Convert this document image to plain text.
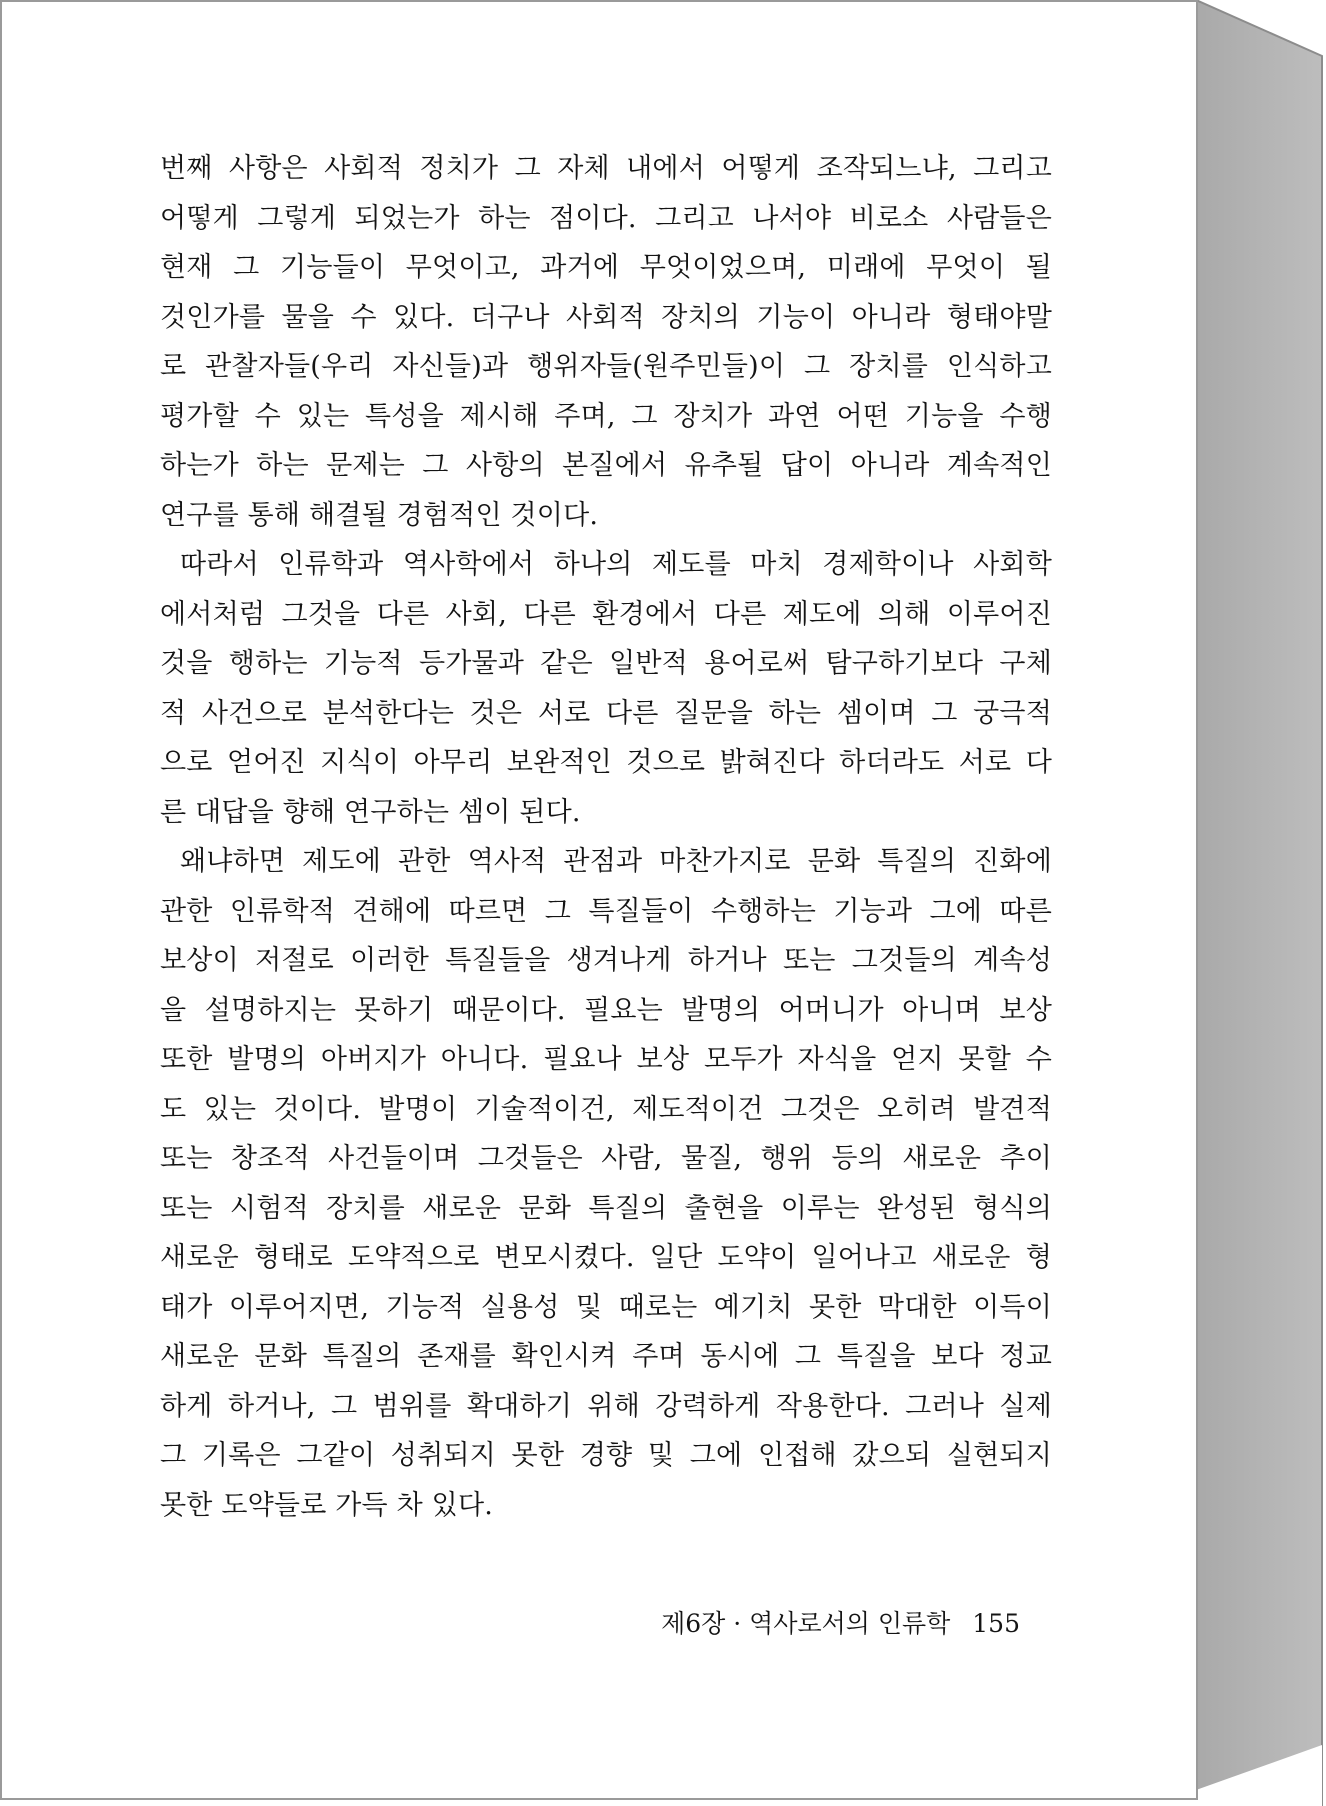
번째 사항은 사회적 정치가 그 자체 내에서 어떻게 조작되느냐, 그리고
어떻게 그렇게 되었는가 하는 점이다. 그리고 나서야 비로소 사람들은
현재 그 기능들이 무엇이고, 과거에 무엇이었으며, 미래에 무엇이 될
것인가를 물을 수 있다. 더구나 사회적 장치의 기능이 아니라 형태야말
로 관찰자들(우리 자신들)과 행위자들(원주민들)이 그 장치를 인식하고
평가할 수 있는 특성을 제시해 주며, 그 장치가 과연 어떤 기능을 수행
하는가 하는 문제는 그 사항의 본질에서 유추될 답이 아니라 계속적인
연구를 통해 해결될 경험적인 것이다.
따라서 인류학과 역사학에서 하나의 제도를 마치 경제학이나 사회학
에서처럼 그것을 다른 사회, 다른 환경에서 다른 제도에 의해 이루어진
것을 행하는 기능적 등가물과 같은 일반적 용어로써 탐구하기보다 구체
적 사건으로 분석한다는 것은 서로 다른 질문을 하는 셈이며 그 궁극적
으로 얻어진 지식이 아무리 보완적인 것으로 밝혀진다 하더라도 서로 다
른 대답을 향해 연구하는 셈이 된다.
왜냐하면 제도에 관한 역사적 관점과 마찬가지로 문화 특질의 진화에
관한 인류학적 견해에 따르면 그 특질들이 수행하는 기능과 그에 따른
보상이 저절로 이러한 특질들을 생겨나게 하거나 또는 그것들의 계속성
을 설명하지는 못하기 때문이다. 필요는 발명의 어머니가 아니며 보상
또한 발명의 아버지가 아니다. 필요나 보상 모두가 자식을 얻지 못할 수
도 있는 것이다. 발명이 기술적이건, 제도적이건 그것은 오히려 발견적
또는 창조적 사건들이며 그것들은 사람, 물질, 행위 등의 새로운 추이
또는 시험적 장치를 새로운 문화 특질의 출현을 이루는 완성된 형식의
새로운 형태로 도약적으로 변모시켰다. 일단 도약이 일어나고 새로운 형
태가 이루어지면, 기능적 실용성 및 때로는 예기치 못한 막대한 이득이
새로운 문화 특질의 존재를 확인시켜 주며 동시에 그 특질을 보다 정교
하게 하거나, 그 범위를 확대하기 위해 강력하게 작용한다. 그러나 실제
그 기록은 그같이 성취되지 못한 경향 및 그에 인접해 갔으되 실현되지
못한 도약들로 가득 차 있다.
제6장 · 역사로서의 인류학 155
